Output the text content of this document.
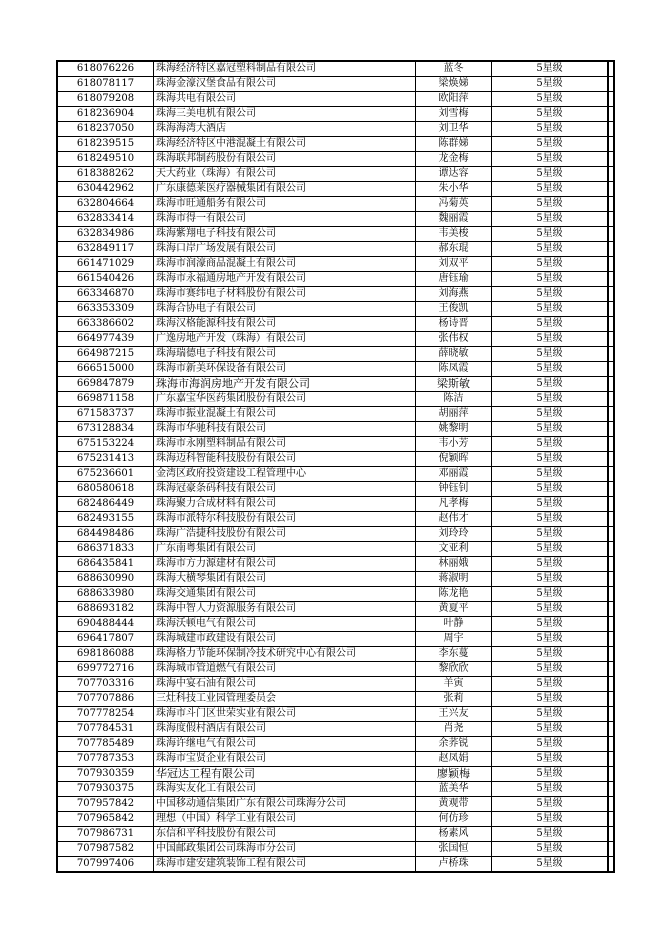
618076226	珠海经济特区嘉冠塑料制品有限公司	蓝冬	5星级	
618078117	珠海金濠汉堡食品有限公司	梁焕娣	5星级	
618079208	珠海共电有限公司	欧阳萍	5星级	
618236904	珠海三美电机有限公司	刘雪梅	5星级	
618237050	珠海海湾大酒店	刘卫华	5星级	
618239515	珠海经济特区中港混凝土有限公司	陈群娣	5星级	
618249510	珠海联邦制药股份有限公司	龙金梅	5星级	
618388262	天大药业（珠海）有限公司	谭达容	5星级	
630442962	广东康德莱医疗器械集团有限公司	朱小华	5星级	
632804664	珠海市旺通船务有限公司	冯菊英	5星级	
632833414	珠海市得一有限公司	魏丽霞	5星级	
632834986	珠海紫翔电子科技有限公司	韦美梭	5星级	
632849117	珠海口岸广场发展有限公司	郝东琨	5星级	
661471029	珠海市润濠商品混凝土有限公司	刘双平	5星级	
661540426	珠海市永福通房地产开发有限公司	唐钰瑜	5星级	
663346870	珠海市赛纬电子材料股份有限公司	刘海燕	5星级	
663353309	珠海合协电子有限公司	王俊凯	5星级	
663386602	珠海汉格能源科技有限公司	杨诗晋	5星级	
664977439	广逸房地产开发（珠海）有限公司	张伟权	5星级	
664987215	珠海瑞德电子科技有限公司	薛晓敏	5星级	
666515000	珠海市新美环保设备有限公司	陈凤霞	5星级	
669847879	珠海市海润房地产开发有限公司	梁斯敏	5星级	
669871158	广东嘉宝华医药集团股份有限公司	陈洁	5星级	
671583737	珠海市振业混凝土有限公司	胡丽萍	5星级	
673128834	珠海市华驰科技有限公司	姚黎明	5星级	
675153224	珠海市永刚塑料制品有限公司	韦小芳	5星级	
675231413	珠海迈科智能科技股份有限公司	倪颖晖	5星级	
675236601	金湾区政府投资建设工程管理中心	邓丽霞	5星级	
680580618	珠海冠豪条码科技有限公司	钟钰钊	5星级	
682486449	珠海聚力合成材料有限公司	凡孝梅	5星级	
682493155	珠海市派特尔科技股份有限公司	赵伟才	5星级	
684498486	珠海广浩捷科技股份有限公司	刘玲玲	5星级	
686371833	广东南粤集团有限公司	文亚利	5星级	
686435841	珠海市方力源建材有限公司	林丽娥	5星级	
688630990	珠海大横琴集团有限公司	蒋淑明	5星级	
688633980	珠海交通集团有限公司	陈龙艳	5星级	
688693182	珠海中智人力资源服务有限公司	黄夏平	5星级	
690488444	珠海沃顿电气有限公司	叶静	5星级	
696417807	珠海城建市政建设有限公司	周宇	5星级	
698186088	珠海格力节能环保制冷技术研究中心有限公司	李东蔓	5星级	
699772716	珠海城市管道燃气有限公司	黎欣欣	5星级	
707703316	珠海中宴石油有限公司	羊寅	5星级	
707707886	三灶科技工业园管理委员会	张莉	5星级	
707778254	珠海市斗门区世荣实业有限公司	王兴友	5星级	
707784531	珠海度假村酒店有限公司	肖尧	5星级	
707785489	珠海许继电气有限公司	余荞锐	5星级	
707787353	珠海市宝贤企业有限公司	赵凤娟	5星级	
707930359	华冠达工程有限公司	廖颖梅	5星级	
707930375	珠海实友化工有限公司	蓝美华	5星级	
707957842	中国移动通信集团广东有限公司珠海分公司	黄观带	5星级	
707965842	理想（中国）科学工业有限公司	何仿珍	5星级	
707986731	东信和平科技股份有限公司	杨素风	5星级	
707987582	中国邮政集团公司珠海市分公司	张国恒	5星级	
707997406	珠海市建安建筑装饰工程有限公司	卢桥珠	5星级	
